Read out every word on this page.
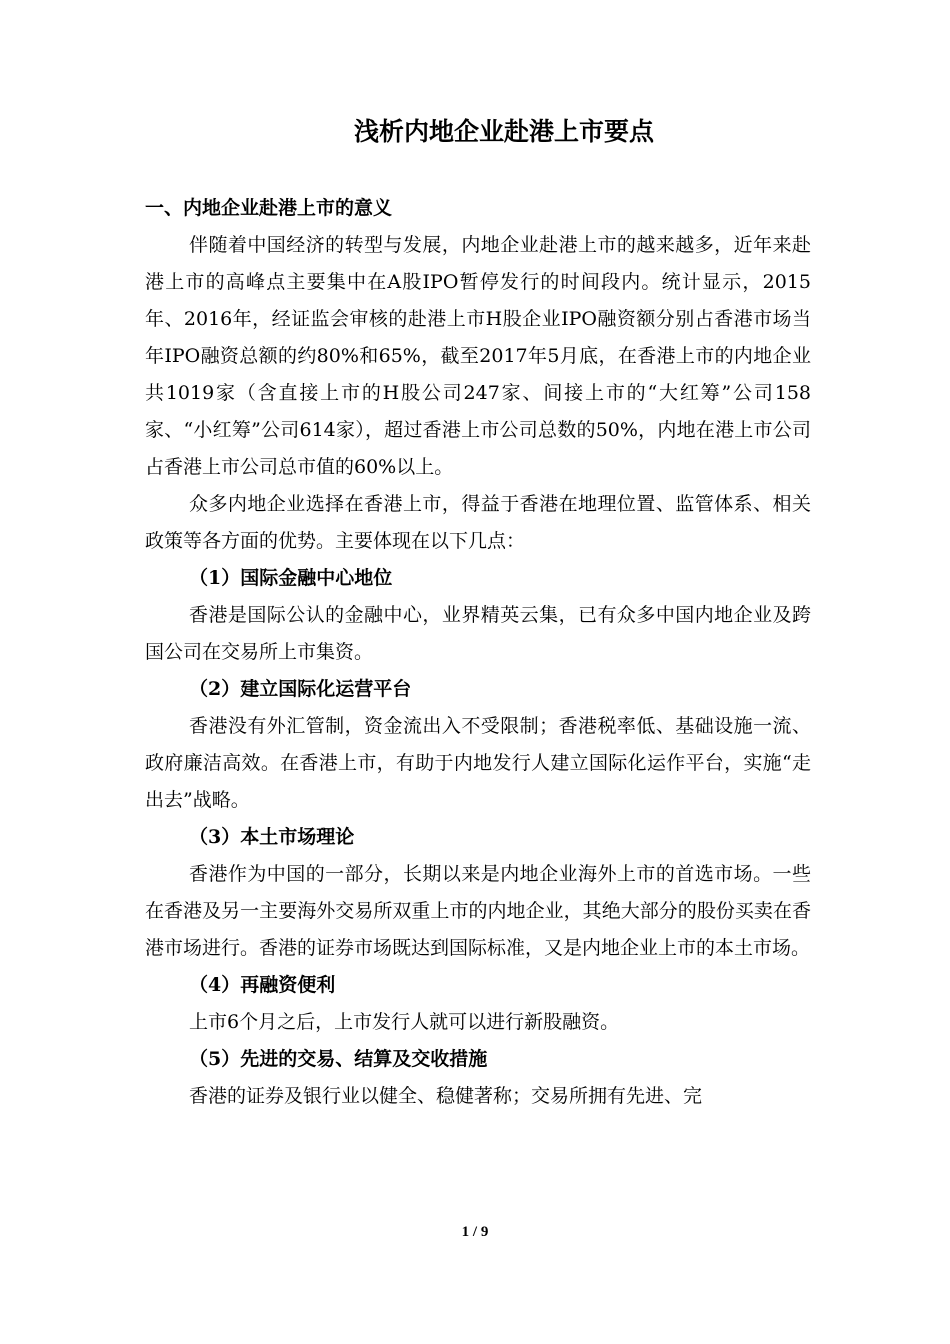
浅析内地企业赴港上市要点

一、内地企业赴港上市的意义

伴随着中国经济的转型与发展，内地企业赴港上市的越来越多，近年来赴港上市的高峰点主要集中在A股IPO暂停发行的时间段内。统计显示，2015年、2016年，经证监会审核的赴港上市H股企业IPO融资额分别占香港市场当年IPO融资总额的约80%和65%，截至2017年5月底，在香港上市的内地企业共1019家（含直接上市的H股公司247家、间接上市的“大红筹”公司158家、“小红筹”公司614家），超过香港上市公司总数的50%，内地在港上市公司占香港上市公司总市值的60%以上。

众多内地企业选择在香港上市，得益于香港在地理位置、监管体系、相关政策等各方面的优势。主要体现在以下几点：

（1）国际金融中心地位

香港是国际公认的金融中心，业界精英云集，已有众多中国内地企业及跨国公司在交易所上市集资。

（2）建立国际化运营平台

香港没有外汇管制，资金流出入不受限制；香港税率低、基础设施一流、政府廉洁高效。在香港上市，有助于内地发行人建立国际化运作平台，实施“走出去”战略。

（3）本土市场理论

香港作为中国的一部分，长期以来是内地企业海外上市的首选市场。一些在香港及另一主要海外交易所双重上市的内地企业，其绝大部分的股份买卖在香港市场进行。香港的证券市场既达到国际标准，又是内地企业上市的本土市场。

（4）再融资便利

上市6个月之后，上市发行人就可以进行新股融资。

（5）先进的交易、结算及交收措施

香港的证券及银行业以健全、稳健著称；交易所拥有先进、完

1 / 9
